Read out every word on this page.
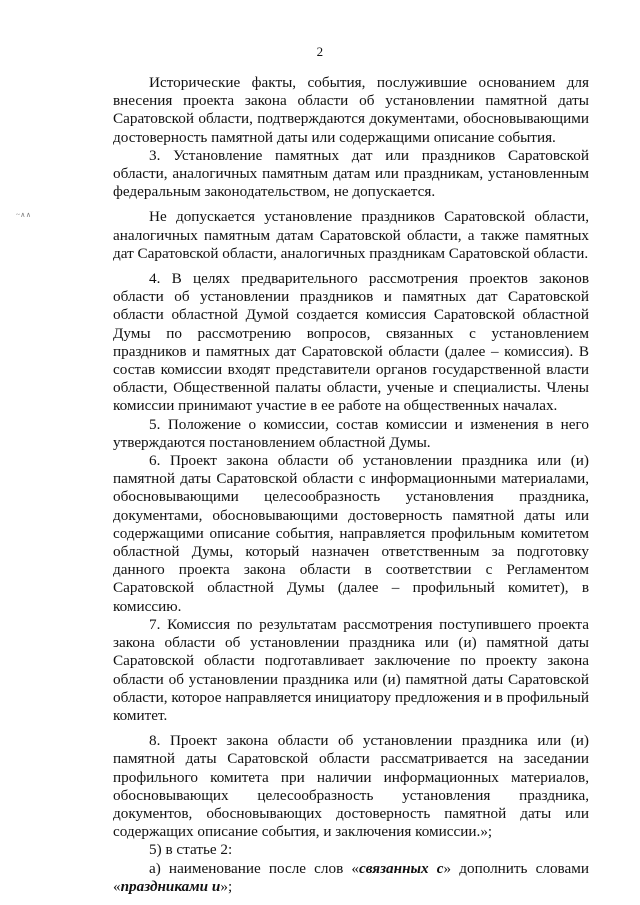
2
~∧∧

Исторические факты, события, послужившие основанием для внесения проекта закона области об установлении памятной даты Саратовской области, подтверждаются документами, обосновывающими достоверность памятной даты или содержащими описание события.

3. Установление памятных дат или праздников Саратовской области, аналогичных памятным датам или праздникам, установленным федеральным законодательством, не допускается.

Не допускается установление праздников Саратовской области, аналогичных памятным датам Саратовской области, а также памятных дат Саратовской области, аналогичных праздникам Саратовской области.

4. В целях предварительного рассмотрения проектов законов области об установлении праздников и памятных дат Саратовской области областной Думой создается комиссия Саратовской областной Думы по рассмотрению вопросов, связанных с установлением праздников и памятных дат Саратовской области (далее – комиссия). В состав комиссии входят представители органов государственной власти области, Общественной палаты области, ученые и специалисты. Члены комиссии принимают участие в ее работе на общественных началах.

5. Положение о комиссии, состав комиссии и изменения в него утверждаются постановлением областной Думы.

6. Проект закона области об установлении праздника или (и) памятной даты Саратовской области с информационными материалами, обосновывающими целесообразность установления праздника, документами, обосновывающими достоверность памятной даты или содержащими описание события, направляется профильным комитетом областной Думы, который назначен ответственным за подготовку данного проекта закона области в соответствии с Регламентом Саратовской областной Думы (далее – профильный комитет), в комиссию.

7. Комиссия по результатам рассмотрения поступившего проекта закона области об установлении праздника или (и) памятной даты Саратовской области подготавливает заключение по проекту закона области об установлении праздника или (и) памятной даты Саратовской области, которое направляется инициатору предложения и в профильный комитет.

8. Проект закона области об установлении праздника или (и) памятной даты Саратовской области рассматривается на заседании профильного комитета при наличии информационных материалов, обосновывающих целесообразность установления праздника, документов, обосновывающих достоверность памятной даты или содержащих описание события, и заключения комиссии.»;

5) в статье 2:

а) наименование после слов «связанных с» дополнить словами «праздниками и»;
